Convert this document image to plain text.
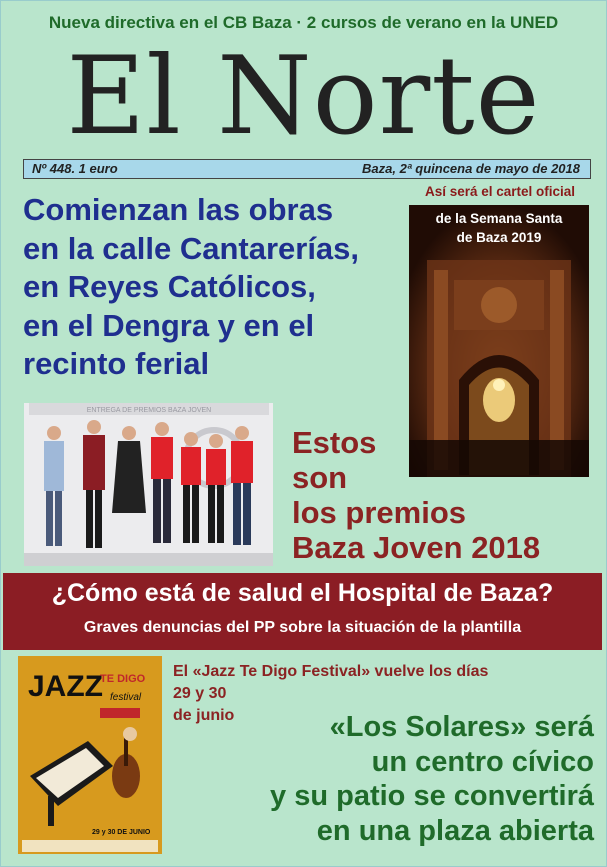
Nueva directiva en el CB Baza · 2 cursos de verano en la UNED
El Norte
Nº 448. 1 euro	Baza, 2ª quincena de mayo de 2018
Comienzan las obras
en la calle Cantarerías,
en Reyes Católicos,
en el Dengra y en el
recinto ferial
Así será el cartel oficial
de la Semana Santa
de Baza 2019
ENTREGA DE PREMIOS BAZA JOVEN
Estos
son
los premios
Baza Joven 2018
¿Cómo está de salud el Hospital de Baza?
Graves denuncias del PP sobre la situación de la plantilla
JAZZ
TE DIGO
festival
29 y 30 DE JUNIO
El «Jazz Te Digo Festival» vuelve los días
29 y 30
de junio	«Los Solares» será
un centro cívico
y su patio se convertirá
en una plaza abierta
